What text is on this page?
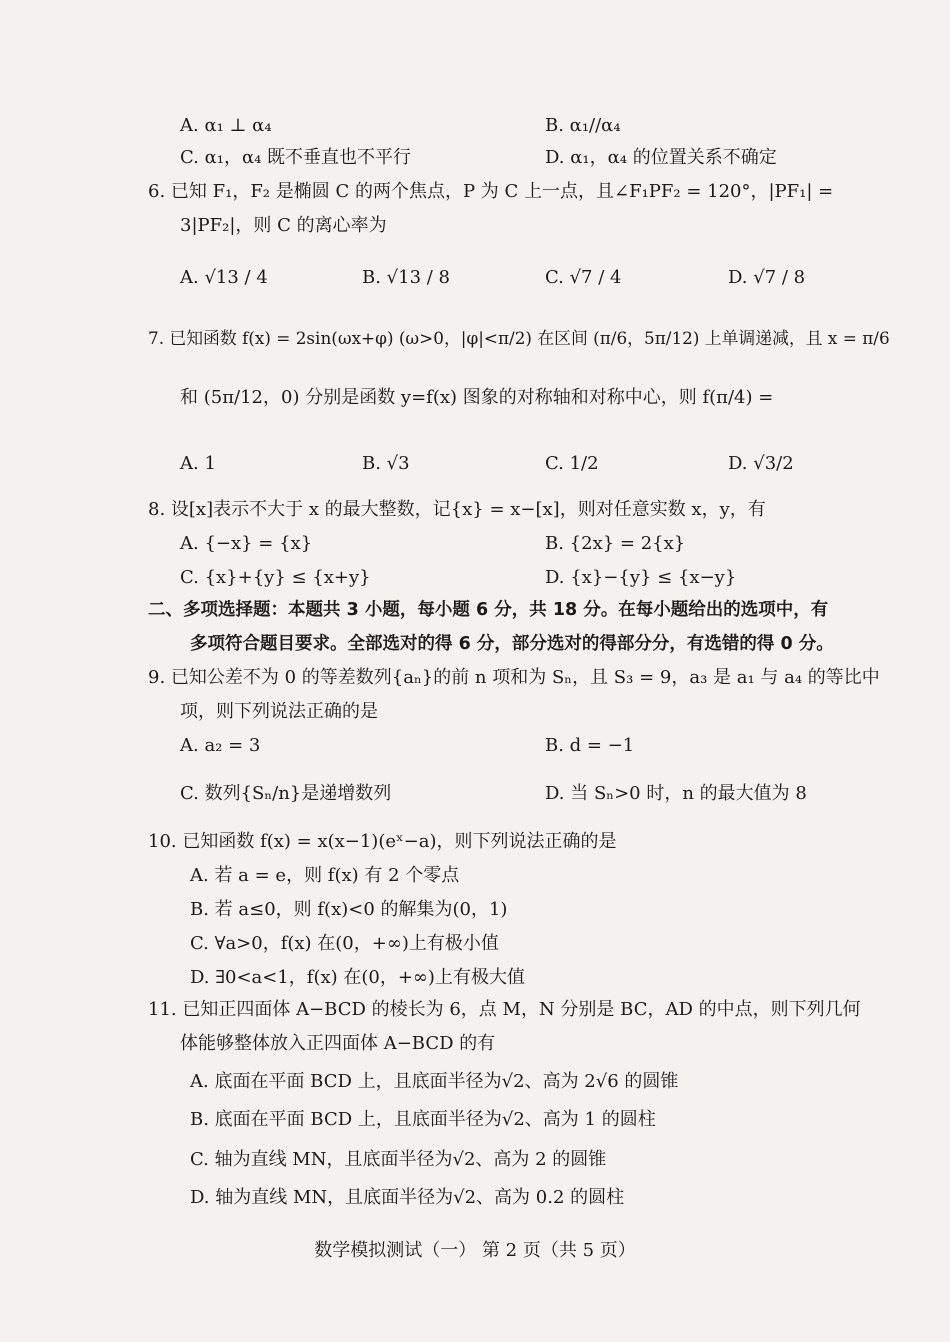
A. α₁ ⊥ α₄	B. α₁//α₄
C. α₁，α₄ 既不垂直也不平行	D. α₁，α₄ 的位置关系不确定
6. 已知 F₁，F₂ 是椭圆 C 的两个焦点，P 为 C 上一点，且∠F₁PF₂ = 120°，|PF₁| =
3|PF₂|，则 C 的离心率为
A. √13 / 4	B. √13 / 8	C. √7 / 4	D. √7 / 8
7. 已知函数 f(x) = 2sin(ωx+φ) (ω>0，|φ|<π/2) 在区间 (π/6，5π/12) 上单调递减，且 x = π/6
和 (5π/12，0) 分别是函数 y=f(x) 图象的对称轴和对称中心，则 f(π/4) =
A. 1	B. √3	C. 1/2	D. √3/2
8. 设[x]表示不大于 x 的最大整数，记{x} = x−[x]，则对任意实数 x，y，有
A. {−x} = {x}	B. {2x} = 2{x}
C. {x}+{y} ≤ {x+y}	D. {x}−{y} ≤ {x−y}
二、多项选择题：本题共 3 小题，每小题 6 分，共 18 分。在每小题给出的选项中，有
多项符合题目要求。全部选对的得 6 分，部分选对的得部分分，有选错的得 0 分。
9. 已知公差不为 0 的等差数列{aₙ}的前 n 项和为 Sₙ，且 S₃ = 9，a₃ 是 a₁ 与 a₄ 的等比中
项，则下列说法正确的是
A. a₂ = 3	B. d = −1
C. 数列{Sₙ/n}是递增数列	D. 当 Sₙ>0 时，n 的最大值为 8
10. 已知函数 f(x) = x(x−1)(eˣ−a)，则下列说法正确的是
A. 若 a = e，则 f(x) 有 2 个零点
B. 若 a≤0，则 f(x)<0 的解集为(0，1)
C. ∀a>0，f(x) 在(0，+∞)上有极小值
D. ∃0<a<1，f(x) 在(0，+∞)上有极大值
11. 已知正四面体 A−BCD 的棱长为 6，点 M，N 分别是 BC，AD 的中点，则下列几何
体能够整体放入正四面体 A−BCD 的有
A. 底面在平面 BCD 上，且底面半径为√2、高为 2√6 的圆锥
B. 底面在平面 BCD 上，且底面半径为√2、高为 1 的圆柱
C. 轴为直线 MN，且底面半径为√2、高为 2 的圆锥
D. 轴为直线 MN，且底面半径为√2、高为 0.2 的圆柱
数学模拟测试（一） 第 2 页（共 5 页）
